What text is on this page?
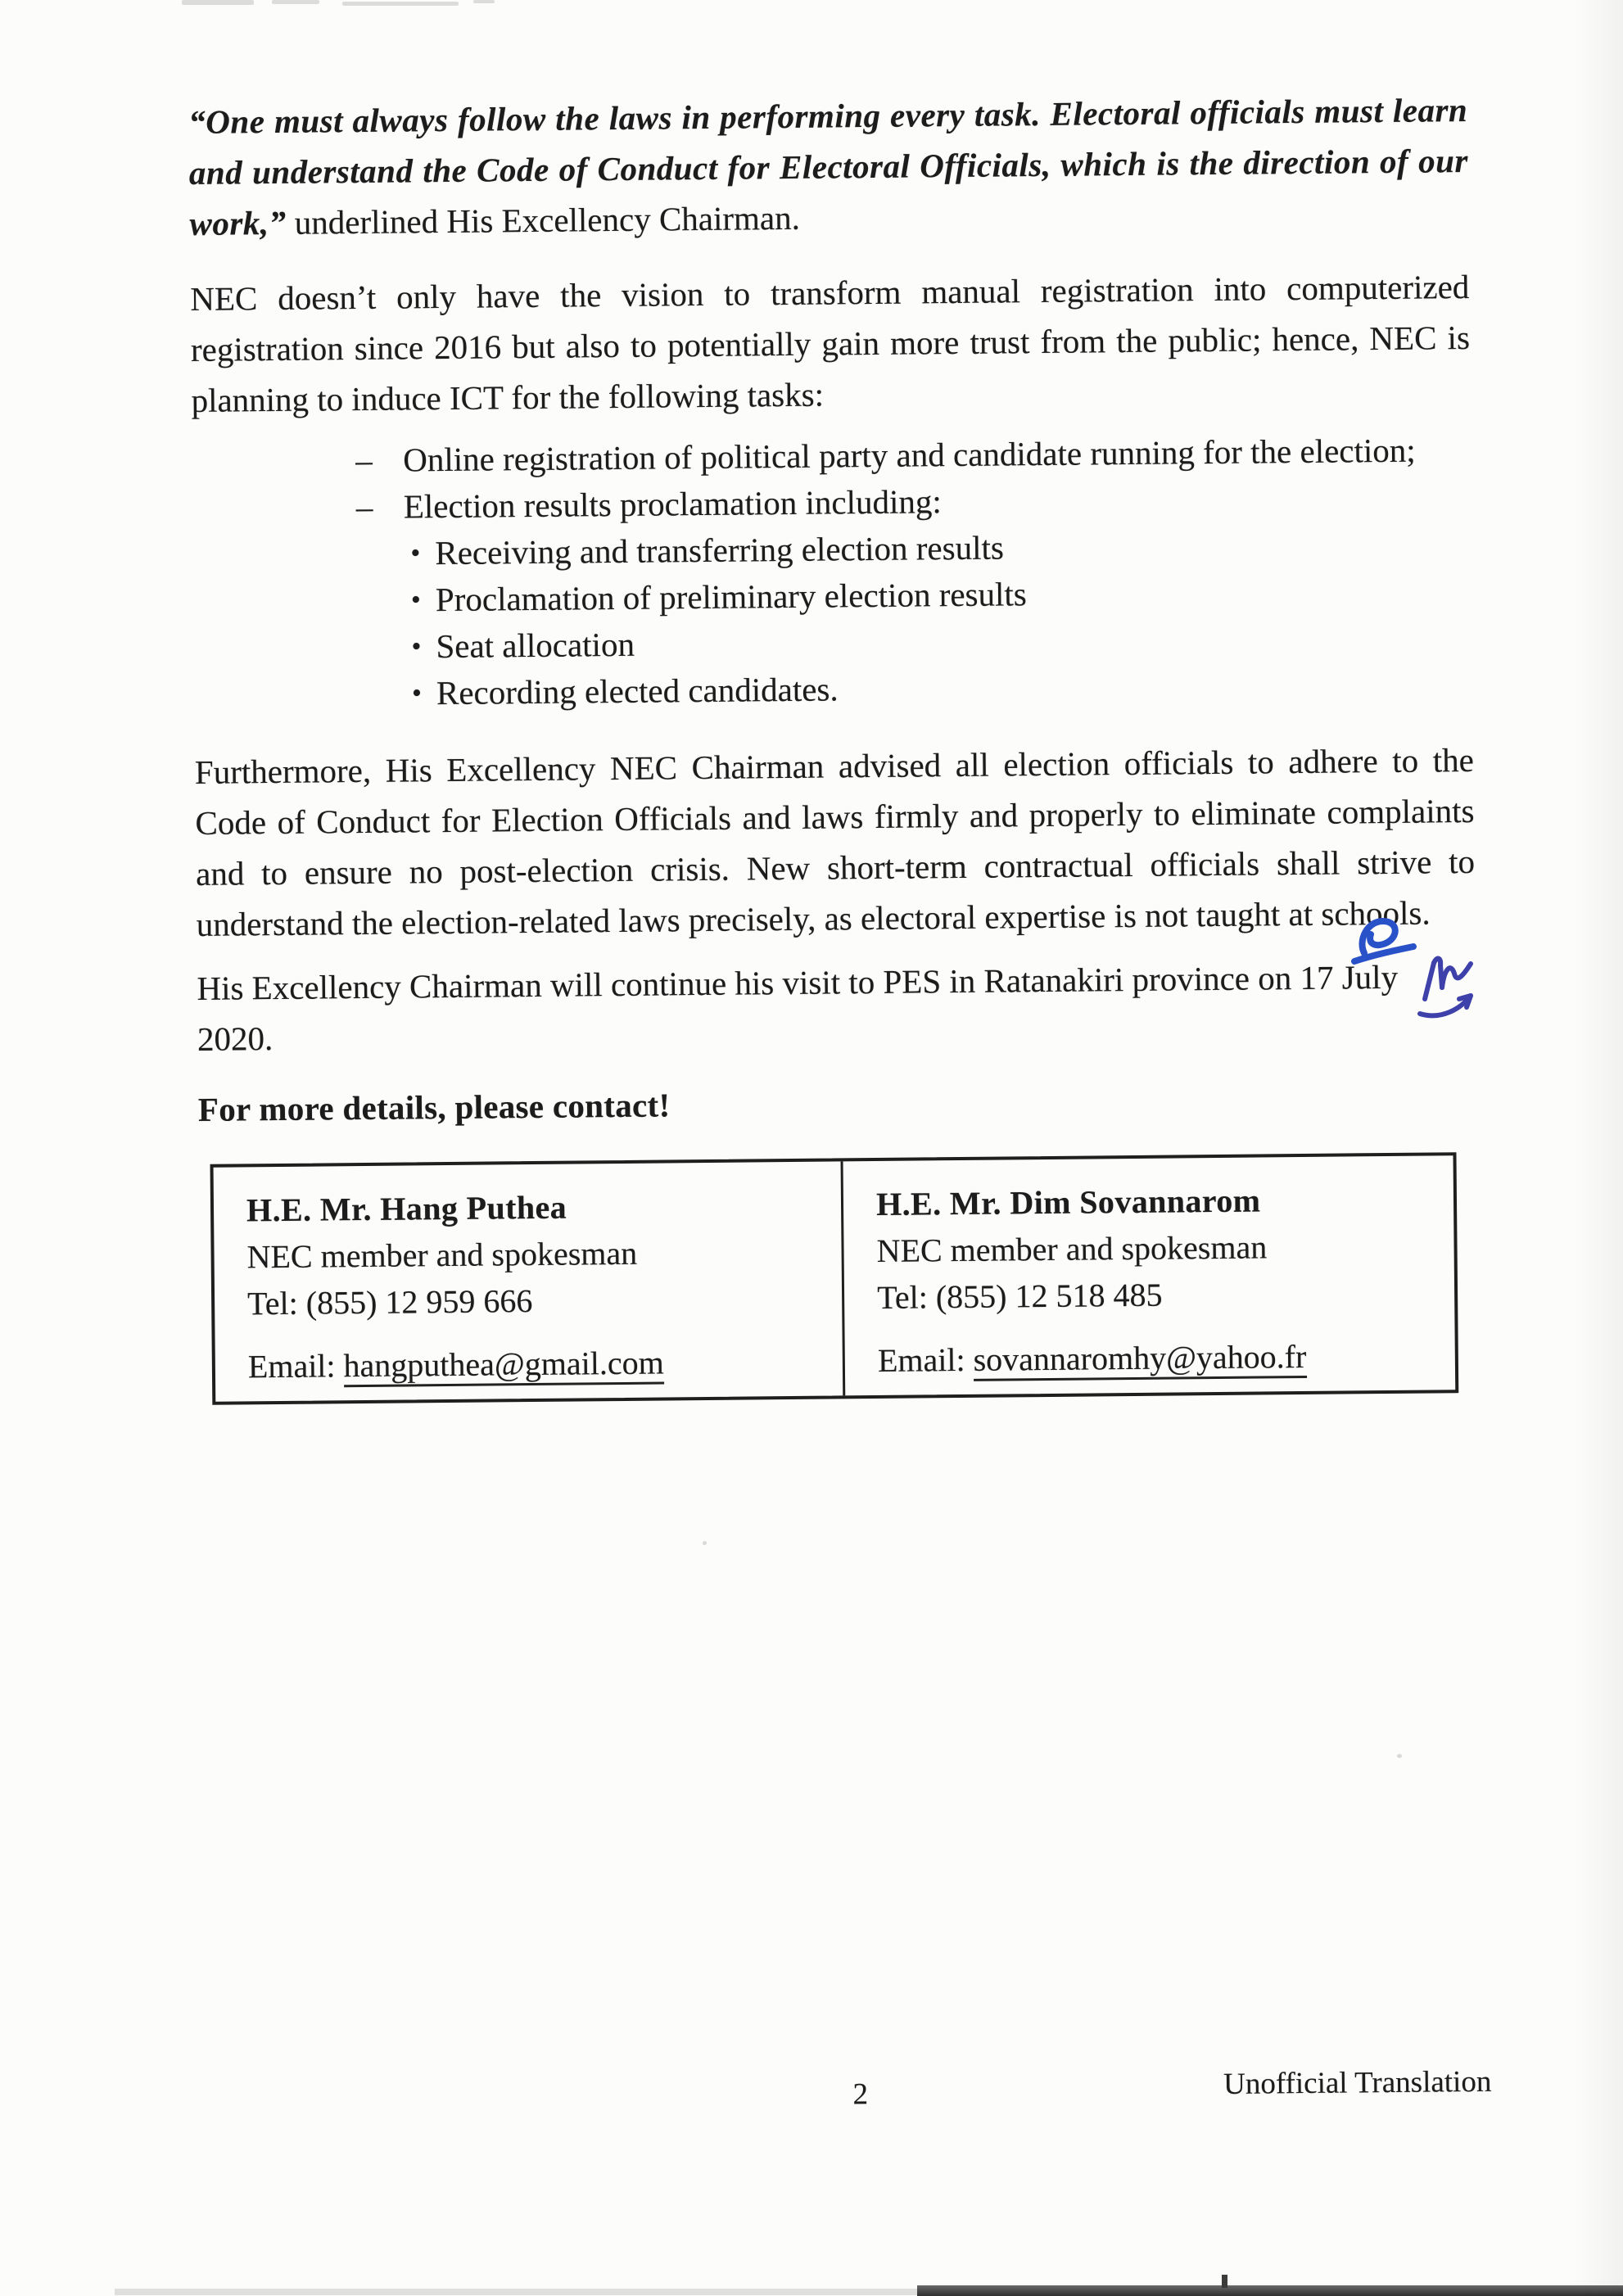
“One must always follow the laws in performing every task. Electoral officials must learn and understand the Code of Conduct for Electoral Officials, which is the direction of our work,” underlined His Excellency Chairman.

NEC doesn’t only have the vision to transform manual registration into computerized registration since 2016 but also to potentially gain more trust from the public; hence, NEC is planning to induce ICT for the following tasks:

– Online registration of political party and candidate running for the election;
– Election results proclamation including:
• Receiving and transferring election results
• Proclamation of preliminary election results
• Seat allocation
• Recording elected candidates.

Furthermore, His Excellency NEC Chairman advised all election officials to adhere to the Code of Conduct for Election Officials and laws firmly and properly to eliminate complaints and to ensure no post-election crisis. New short-term contractual officials shall strive to understand the election-related laws precisely, as electoral expertise is not taught at schools.

His Excellency Chairman will continue his visit to PES in Ratanakiri province on 17 July 2020.

For more details, please contact!

H.E. Mr. Hang Puthea
NEC member and spokesman
Tel: (855) 12 959 666
Email: hangputhea@gmail.com
H.E. Mr. Dim Sovannarom
NEC member and spokesman
Tel: (855) 12 518 485
Email: sovannaromhy@yahoo.fr
2	Unofficial Translation
